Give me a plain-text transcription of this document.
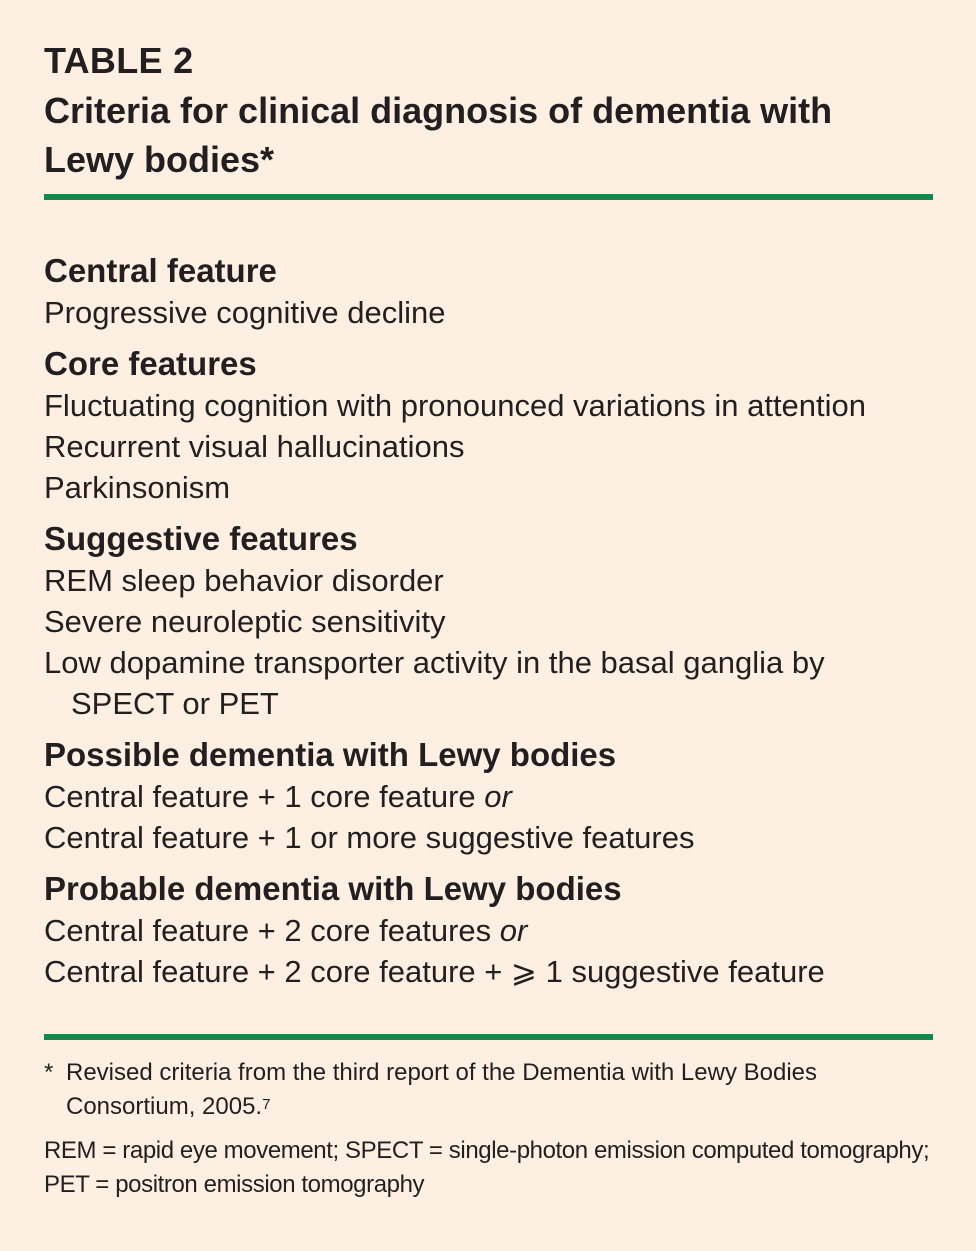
TABLE 2
Criteria for clinical diagnosis of dementia with Lewy bodies*
Central feature
Progressive cognitive decline
Core features
Fluctuating cognition with pronounced variations in attention
Recurrent visual hallucinations
Parkinsonism
Suggestive features
REM sleep behavior disorder
Severe neuroleptic sensitivity
Low dopamine transporter activity in the basal ganglia by
SPECT or PET
Possible dementia with Lewy bodies
Central feature + 1 core feature or
Central feature + 1 or more suggestive features
Probable dementia with Lewy bodies
Central feature + 2 core features or
Central feature + 2 core feature + ⩾ 1 suggestive feature
* Revised criteria from the third report of the Dementia with Lewy Bodies Consortium, 2005.$^7$
REM = rapid eye movement; SPECT = single-photon emission computed tomography; PET = positron emission tomography
